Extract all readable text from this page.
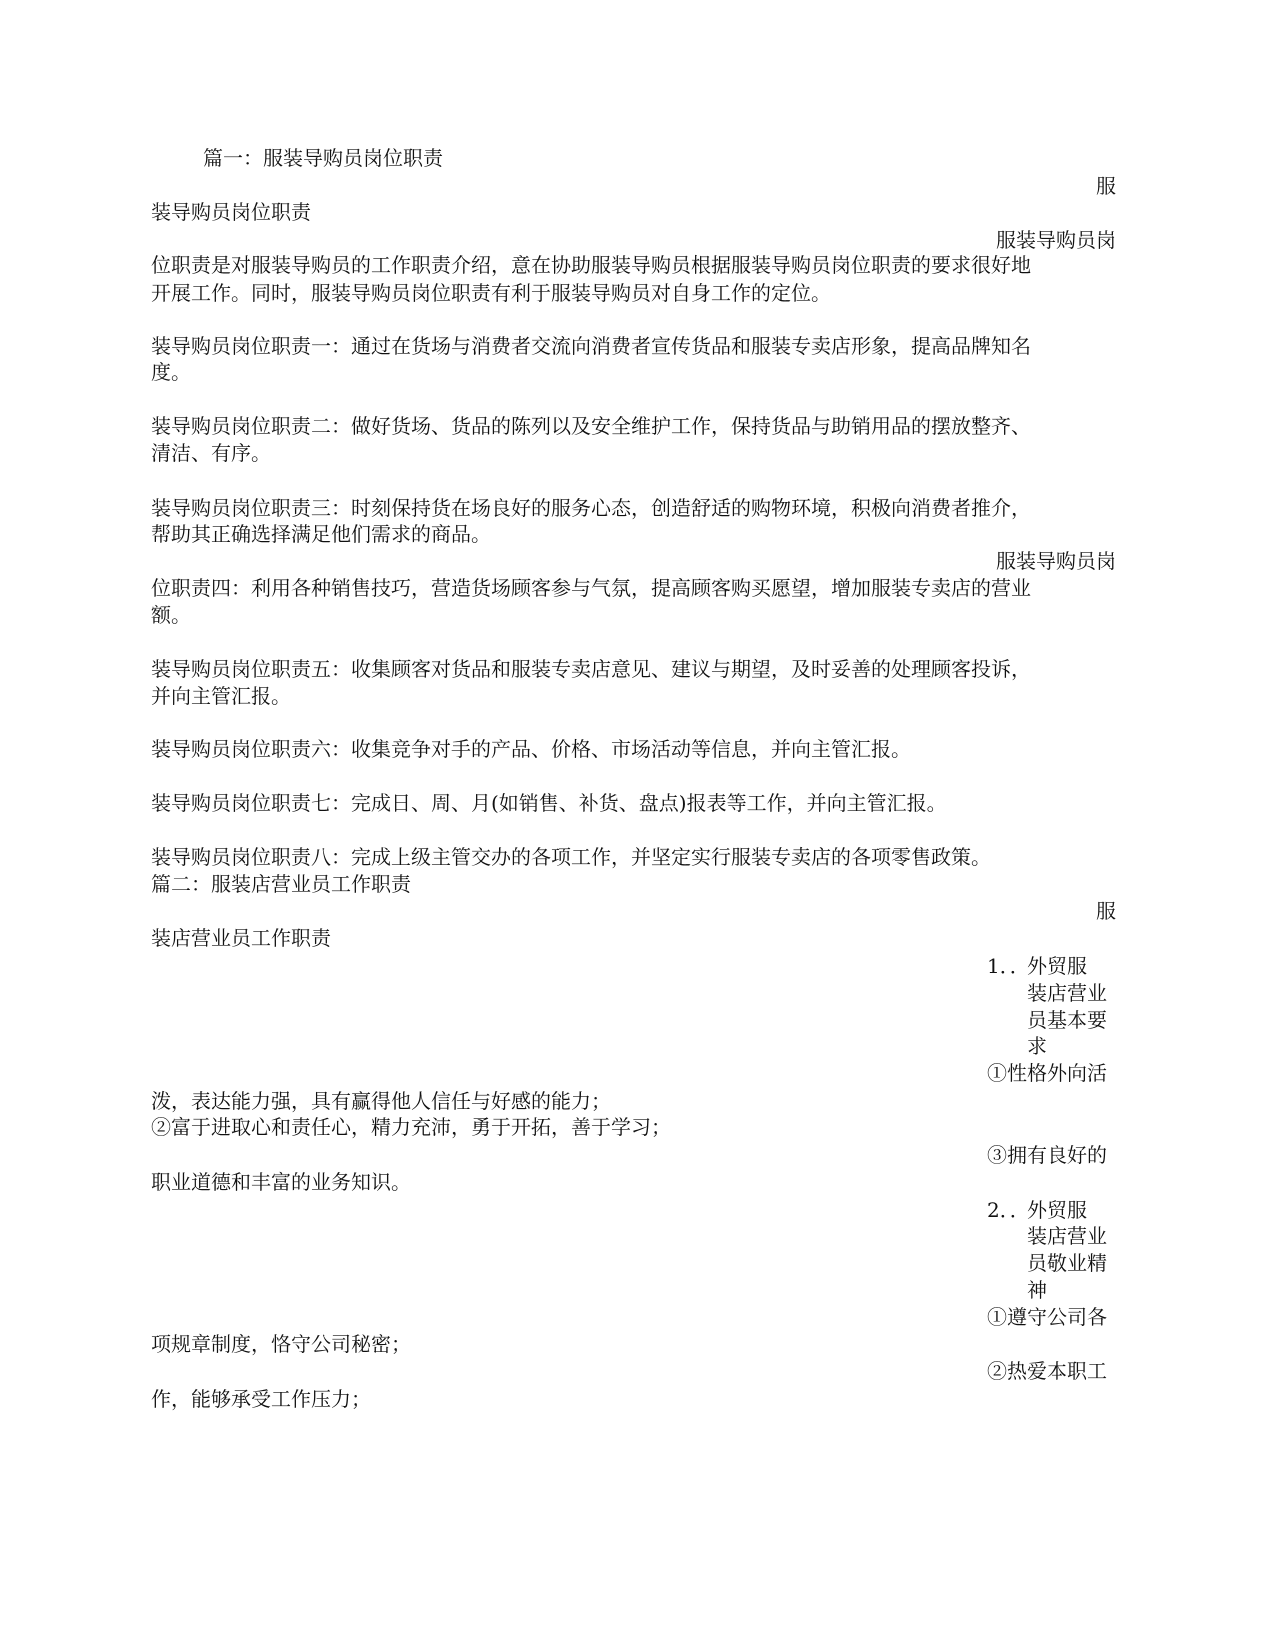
篇一：服装导购员岗位职责

服

装导购员岗位职责

服装导购员岗

位职责是对服装导购员的工作职责介绍，意在协助服装导购员根据服装导购员岗位职责的要求很好地

开展工作。同时，服装导购员岗位职责有利于服装导购员对自身工作的定位。

装导购员岗位职责一：通过在货场与消费者交流向消费者宣传货品和服装专卖店形象，提高品牌知名

度。

装导购员岗位职责二：做好货场、货品的陈列以及安全维护工作，保持货品与助销用品的摆放整齐、

清洁、有序。

装导购员岗位职责三：时刻保持货在场良好的服务心态，创造舒适的购物环境，积极向消费者推介，

帮助其正确选择满足他们需求的商品。

服装导购员岗

位职责四：利用各种销售技巧，营造货场顾客参与气氛，提高顾客购买愿望，增加服装专卖店的营业

额。

装导购员岗位职责五：收集顾客对货品和服装专卖店意见、建议与期望，及时妥善的处理顾客投诉，

并向主管汇报。

装导购员岗位职责六：收集竞争对手的产品、价格、市场活动等信息，并向主管汇报。

装导购员岗位职责七：完成日、周、月(如销售、补货、盘点)报表等工作，并向主管汇报。

装导购员岗位职责八：完成上级主管交办的各项工作，并坚定实行服装专卖店的各项零售政策。

篇二：服装店营业员工作职责

服

装店营业员工作职责

1．．

外贸服

装店营业

员基本要

求

①性格外向活

泼，表达能力强，具有赢得他人信任与好感的能力；

②富于进取心和责任心，精力充沛，勇于开拓，善于学习；

③拥有良好的

职业道德和丰富的业务知识。

2．．

外贸服

装店营业

员敬业精

神

①遵守公司各

项规章制度，恪守公司秘密；

②热爱本职工

作，能够承受工作压力；
